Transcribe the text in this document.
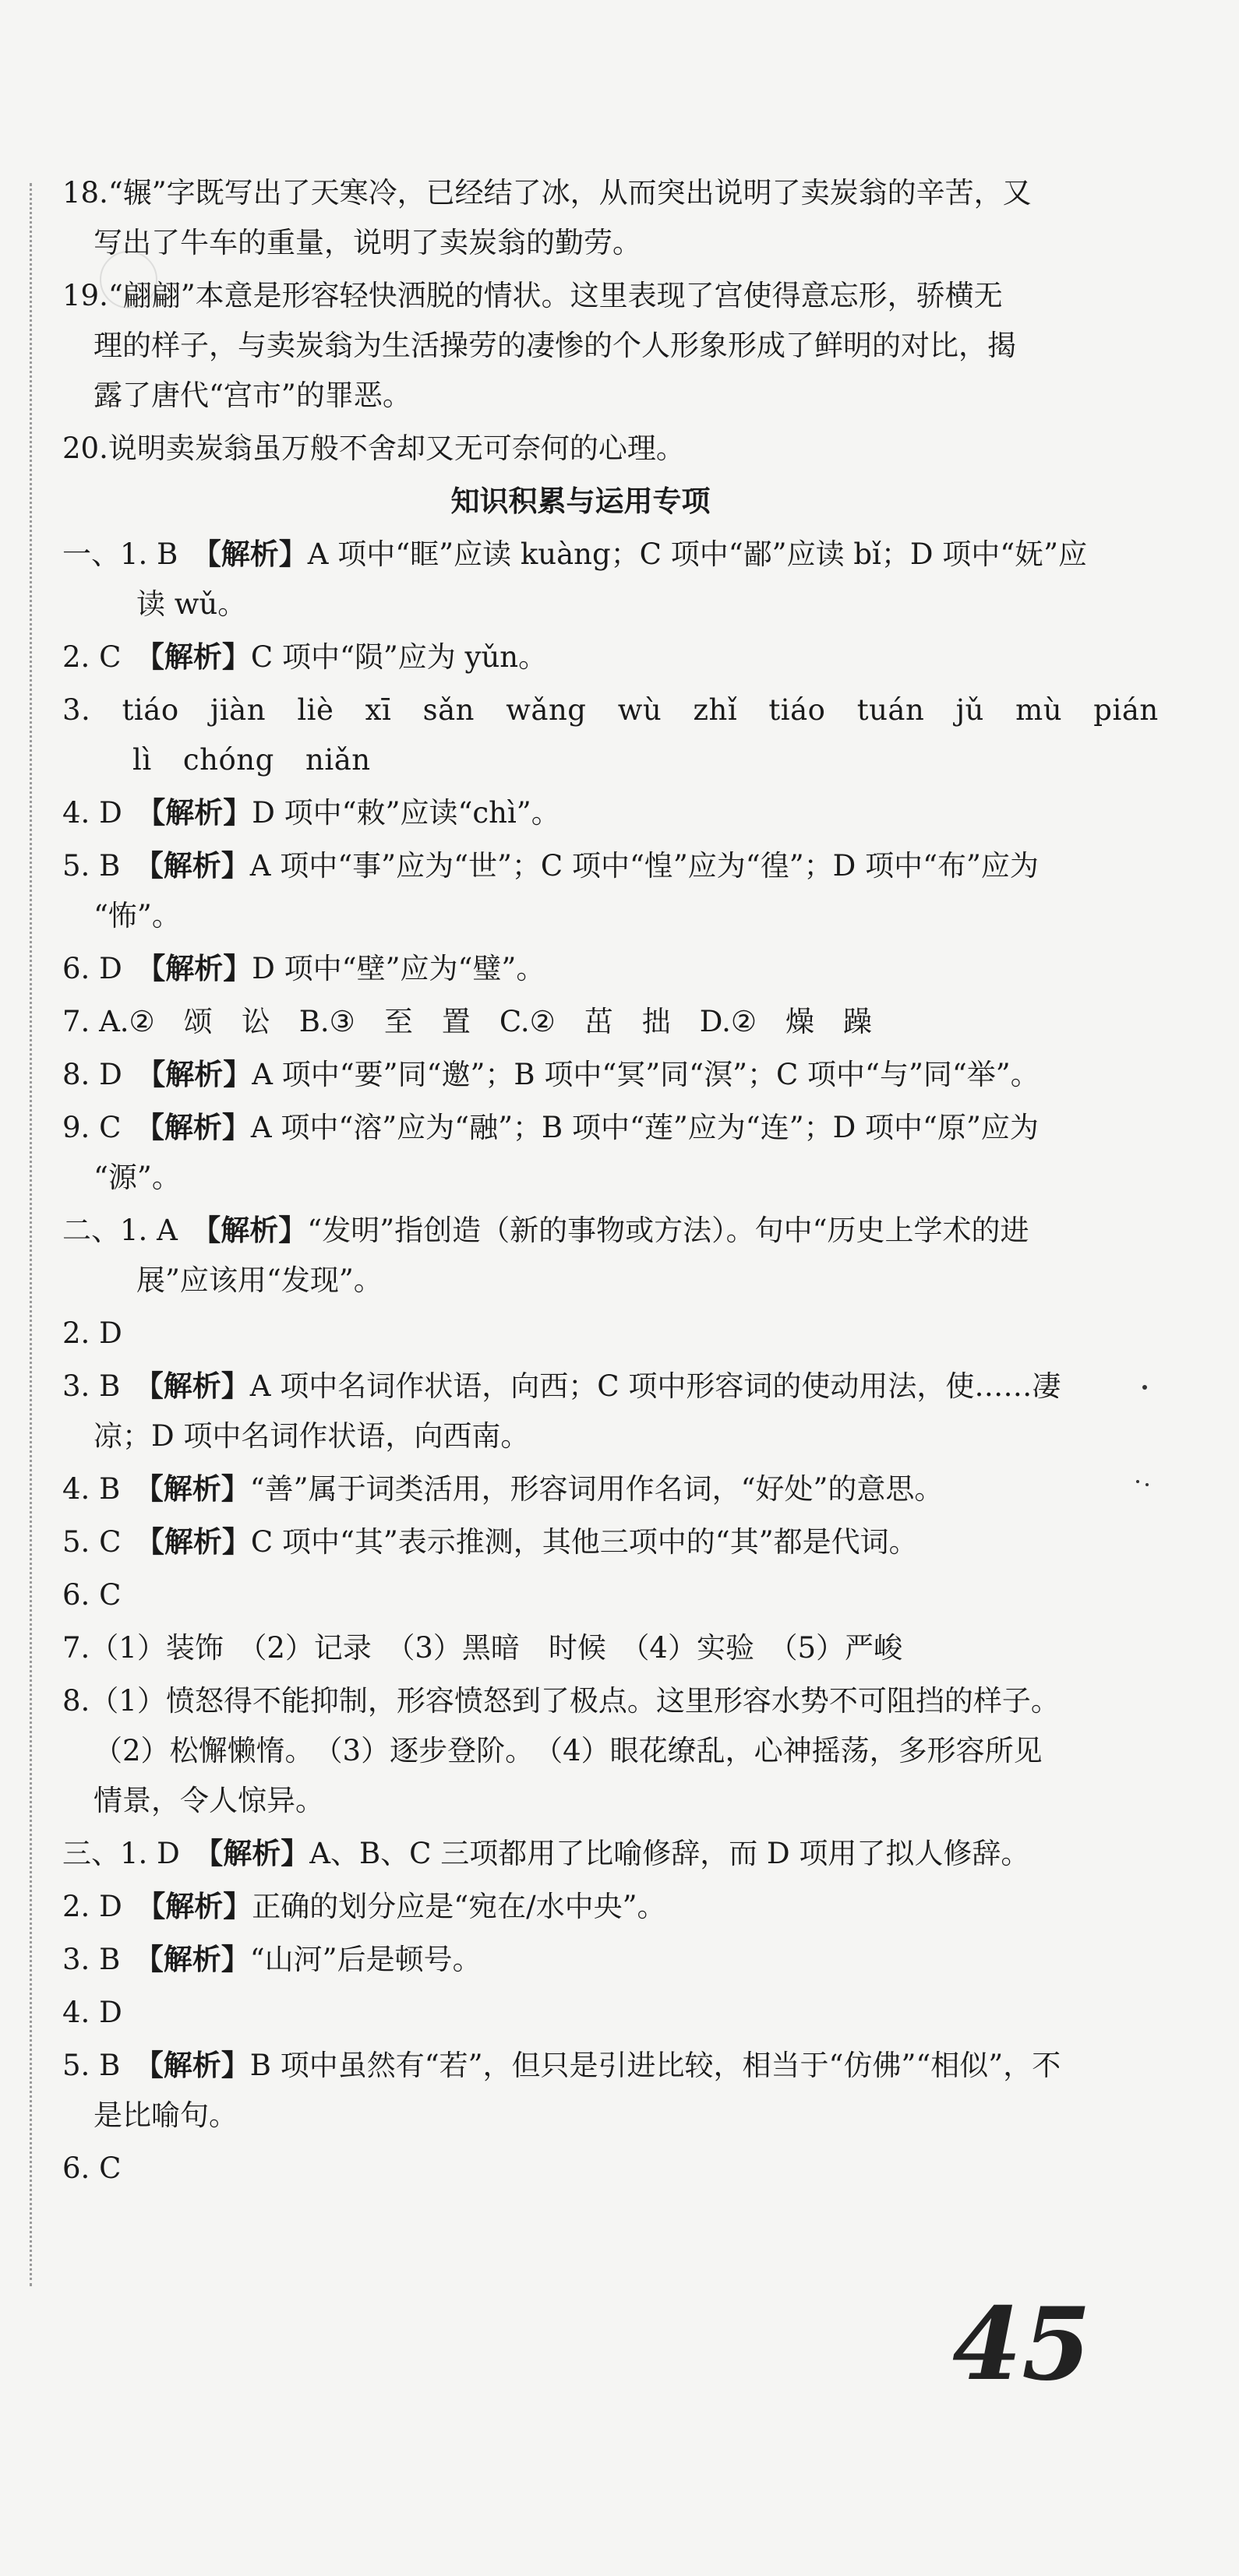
18.“辗”字既写出了天寒冷，已经结了冰，从而突出说明了卖炭翁的辛苦，又
写出了牛车的重量，说明了卖炭翁的勤劳。
19.“翩翩”本意是形容轻快洒脱的情状。这里表现了宫使得意忘形，骄横无
理的样子，与卖炭翁为生活操劳的凄惨的个人形象形成了鲜明的对比，揭
露了唐代“宫市”的罪恶。
20.说明卖炭翁虽万般不舍却又无可奈何的心理。
知识积累与运用专项
一、1. B　【解析】A 项中“眶”应读 kuàng；C 项中“鄙”应读 bǐ；D 项中“妩”应
读 wǔ。
2. C　【解析】C 项中“陨”应为 yǔn。
3. tiáo jiàn liè xī sǎn wǎng wù zhǐ tiáo tuán jǔ mù pián
lì chóng niǎn
4. D　【解析】D 项中“敕”应读“chì”。
5. B　【解析】A 项中“事”应为“世”；C 项中“惶”应为“徨”；D 项中“布”应为
“怖”。
6. D　【解析】D 项中“壁”应为“璧”。
7. A.②　颂　讼　B.③　至　置　C.②　茁　拙　D.②　燥　躁
8. D　【解析】A 项中“要”同“邀”；B 项中“冥”同“溟”；C 项中“与”同“举”。
9. C　【解析】A 项中“溶”应为“融”；B 项中“莲”应为“连”；D 项中“原”应为
“源”。
二、1. A　【解析】“发明”指创造（新的事物或方法）。句中“历史上学术的进
展”应该用“发现”。
2. D
3. B　【解析】A 项中名词作状语，向西；C 项中形容词的使动用法，使……凄
凉；D 项中名词作状语，向西南。
4. B　【解析】“善”属于词类活用，形容词用作名词，“好处”的意思。
5. C　【解析】C 项中“其”表示推测，其他三项中的“其”都是代词。
6. C
7.（1）装饰　（2）记录　（3）黑暗　时候　（4）实验　（5）严峻
8.（1）愤怒得不能抑制，形容愤怒到了极点。这里形容水势不可阻挡的样子。
（2）松懈懒惰。　（3）逐步登阶。　（4）眼花缭乱，心神摇荡，多形容所见
情景，令人惊异。
三、1. D　【解析】A、B、C 三项都用了比喻修辞，而 D 项用了拟人修辞。
2. D　【解析】正确的划分应是“宛在/水中央”。
3. B　【解析】“山河”后是顿号。
4. D
5. B　【解析】B 项中虽然有“若”，但只是引进比较，相当于“仿佛”“相似”，不
是比喻句。
6. C
45
